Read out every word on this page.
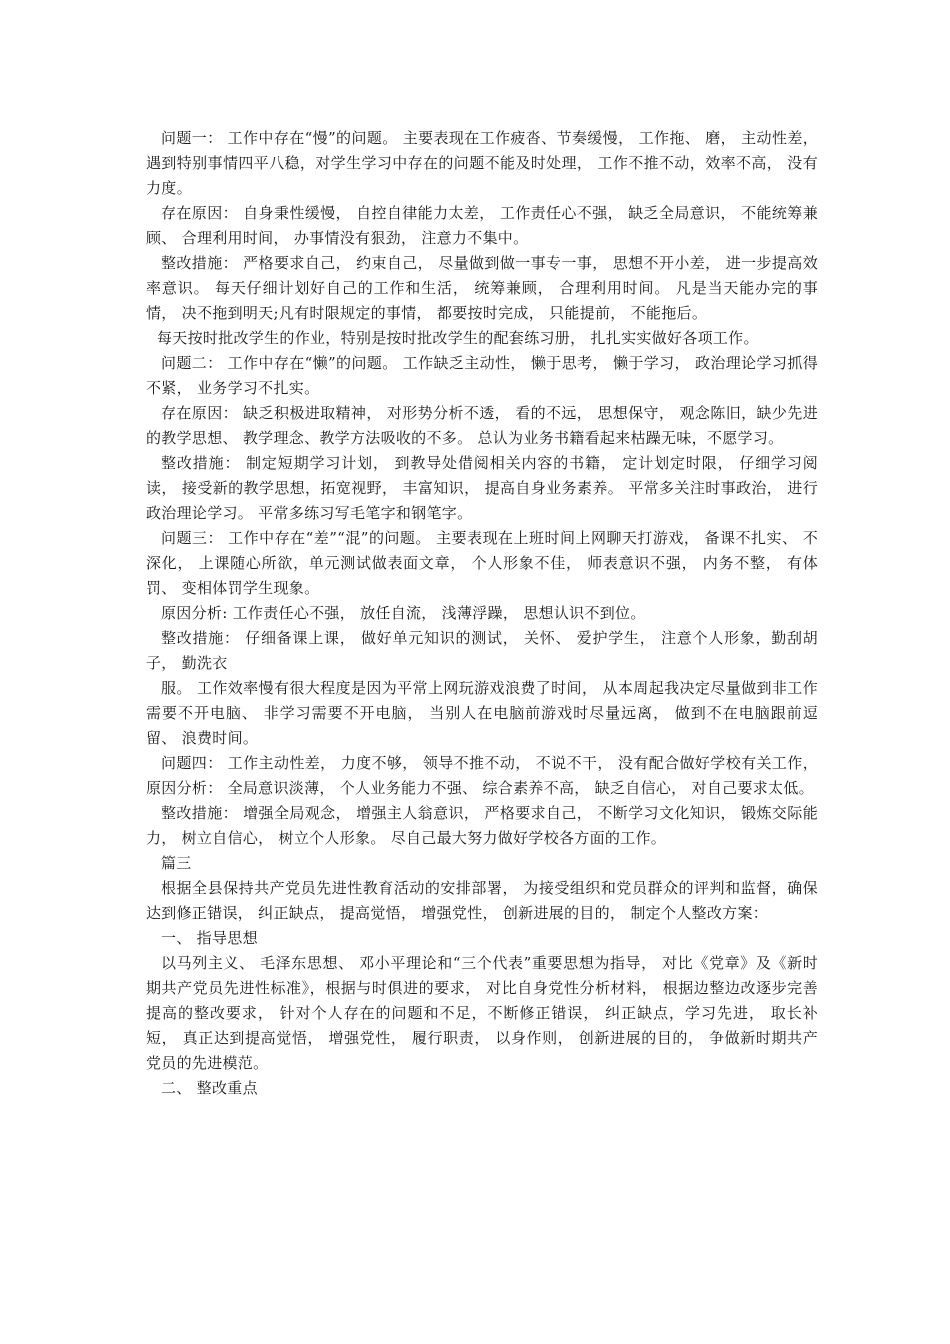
问题一： 工作中存在“慢”的问题。 主要表现在工作疲沓、节奏缓慢， 工作拖、 磨， 主动性差， 遇到特别事情四平八稳，对学生学习中存在的问题不能及时处理， 工作不推不动，效率不高， 没有力度。

存在原因： 自身秉性缓慢， 自控自律能力太差， 工作责任心不强， 缺乏全局意识， 不能统筹兼顾、 合理利用时间， 办事情没有狠劲， 注意力不集中。

整改措施： 严格要求自己， 约束自己， 尽量做到做一事专一事， 思想不开小差， 进一步提高效率意识。 每天仔细计划好自己的工作和生活， 统筹兼顾， 合理利用时间。 凡是当天能办完的事情， 决不拖到明天;凡有时限规定的事情， 都要按时完成， 只能提前， 不能拖后。

每天按时批改学生的作业，特别是按时批改学生的配套练习册， 扎扎实实做好各项工作。

问题二： 工作中存在“懒”的问题。 工作缺乏主动性， 懒于思考， 懒于学习， 政治理论学习抓得不紧， 业务学习不扎实。

存在原因： 缺乏积极进取精神， 对形势分析不透， 看的不远， 思想保守， 观念陈旧，缺少先进的教学思想、 教学理念、教学方法吸收的不多。 总认为业务书籍看起来枯躁无味，不愿学习。

整改措施： 制定短期学习计划， 到教导处借阅相关内容的书籍， 定计划定时限， 仔细学习阅读， 接受新的教学思想，拓宽视野， 丰富知识， 提高自身业务素养。 平常多关注时事政治， 进行政治理论学习。 平常多练习写毛笔字和钢笔字。

问题三： 工作中存在“差”“混”的问题。 主要表现在上班时间上网聊天打游戏， 备课不扎实、 不深化， 上课随心所欲，单元测试做表面文章， 个人形象不佳， 师表意识不强， 内务不整， 有体罚、 变相体罚学生现象。

原因分析: 工作责任心不强， 放任自流， 浅薄浮躁， 思想认识不到位。

整改措施： 仔细备课上课， 做好单元知识的测试， 关怀、 爱护学生， 注意个人形象，勤刮胡子， 勤洗衣

服。 工作效率慢有很大程度是因为平常上网玩游戏浪费了时间， 从本周起我决定尽量做到非工作需要不开电脑、 非学习需要不开电脑， 当别人在电脑前游戏时尽量远离， 做到不在电脑跟前逗留、 浪费时间。

问题四： 工作主动性差， 力度不够， 领导不推不动， 不说不干， 没有配合做好学校有关工作，原因分析： 全局意识淡薄， 个人业务能力不强、 综合素养不高， 缺乏自信心， 对自己要求太低。

整改措施： 增强全局观念， 增强主人翁意识， 严格要求自己， 不断学习文化知识， 锻炼交际能力， 树立自信心， 树立个人形象。 尽自己最大努力做好学校各方面的工作。

篇三

根据全县保持共产党员先进性教育活动的安排部署， 为接受组织和党员群众的评判和监督，确保达到修正错误， 纠正缺点， 提高觉悟， 增强党性， 创新进展的目的， 制定个人整改方案：

一、 指导思想

以马列主义、 毛泽东思想、 邓小平理论和“三个代表”重要思想为指导， 对比《党章》及《新时期共产党员先进性标准》，根据与时俱进的要求， 对比自身党性分析材料， 根据边整边改逐步完善提高的整改要求， 针对个人存在的问题和不足，不断修正错误， 纠正缺点，学习先进， 取长补短， 真正达到提高觉悟， 增强党性， 履行职责， 以身作则， 创新进展的目的， 争做新时期共产党员的先进模范。

二、 整改重点
